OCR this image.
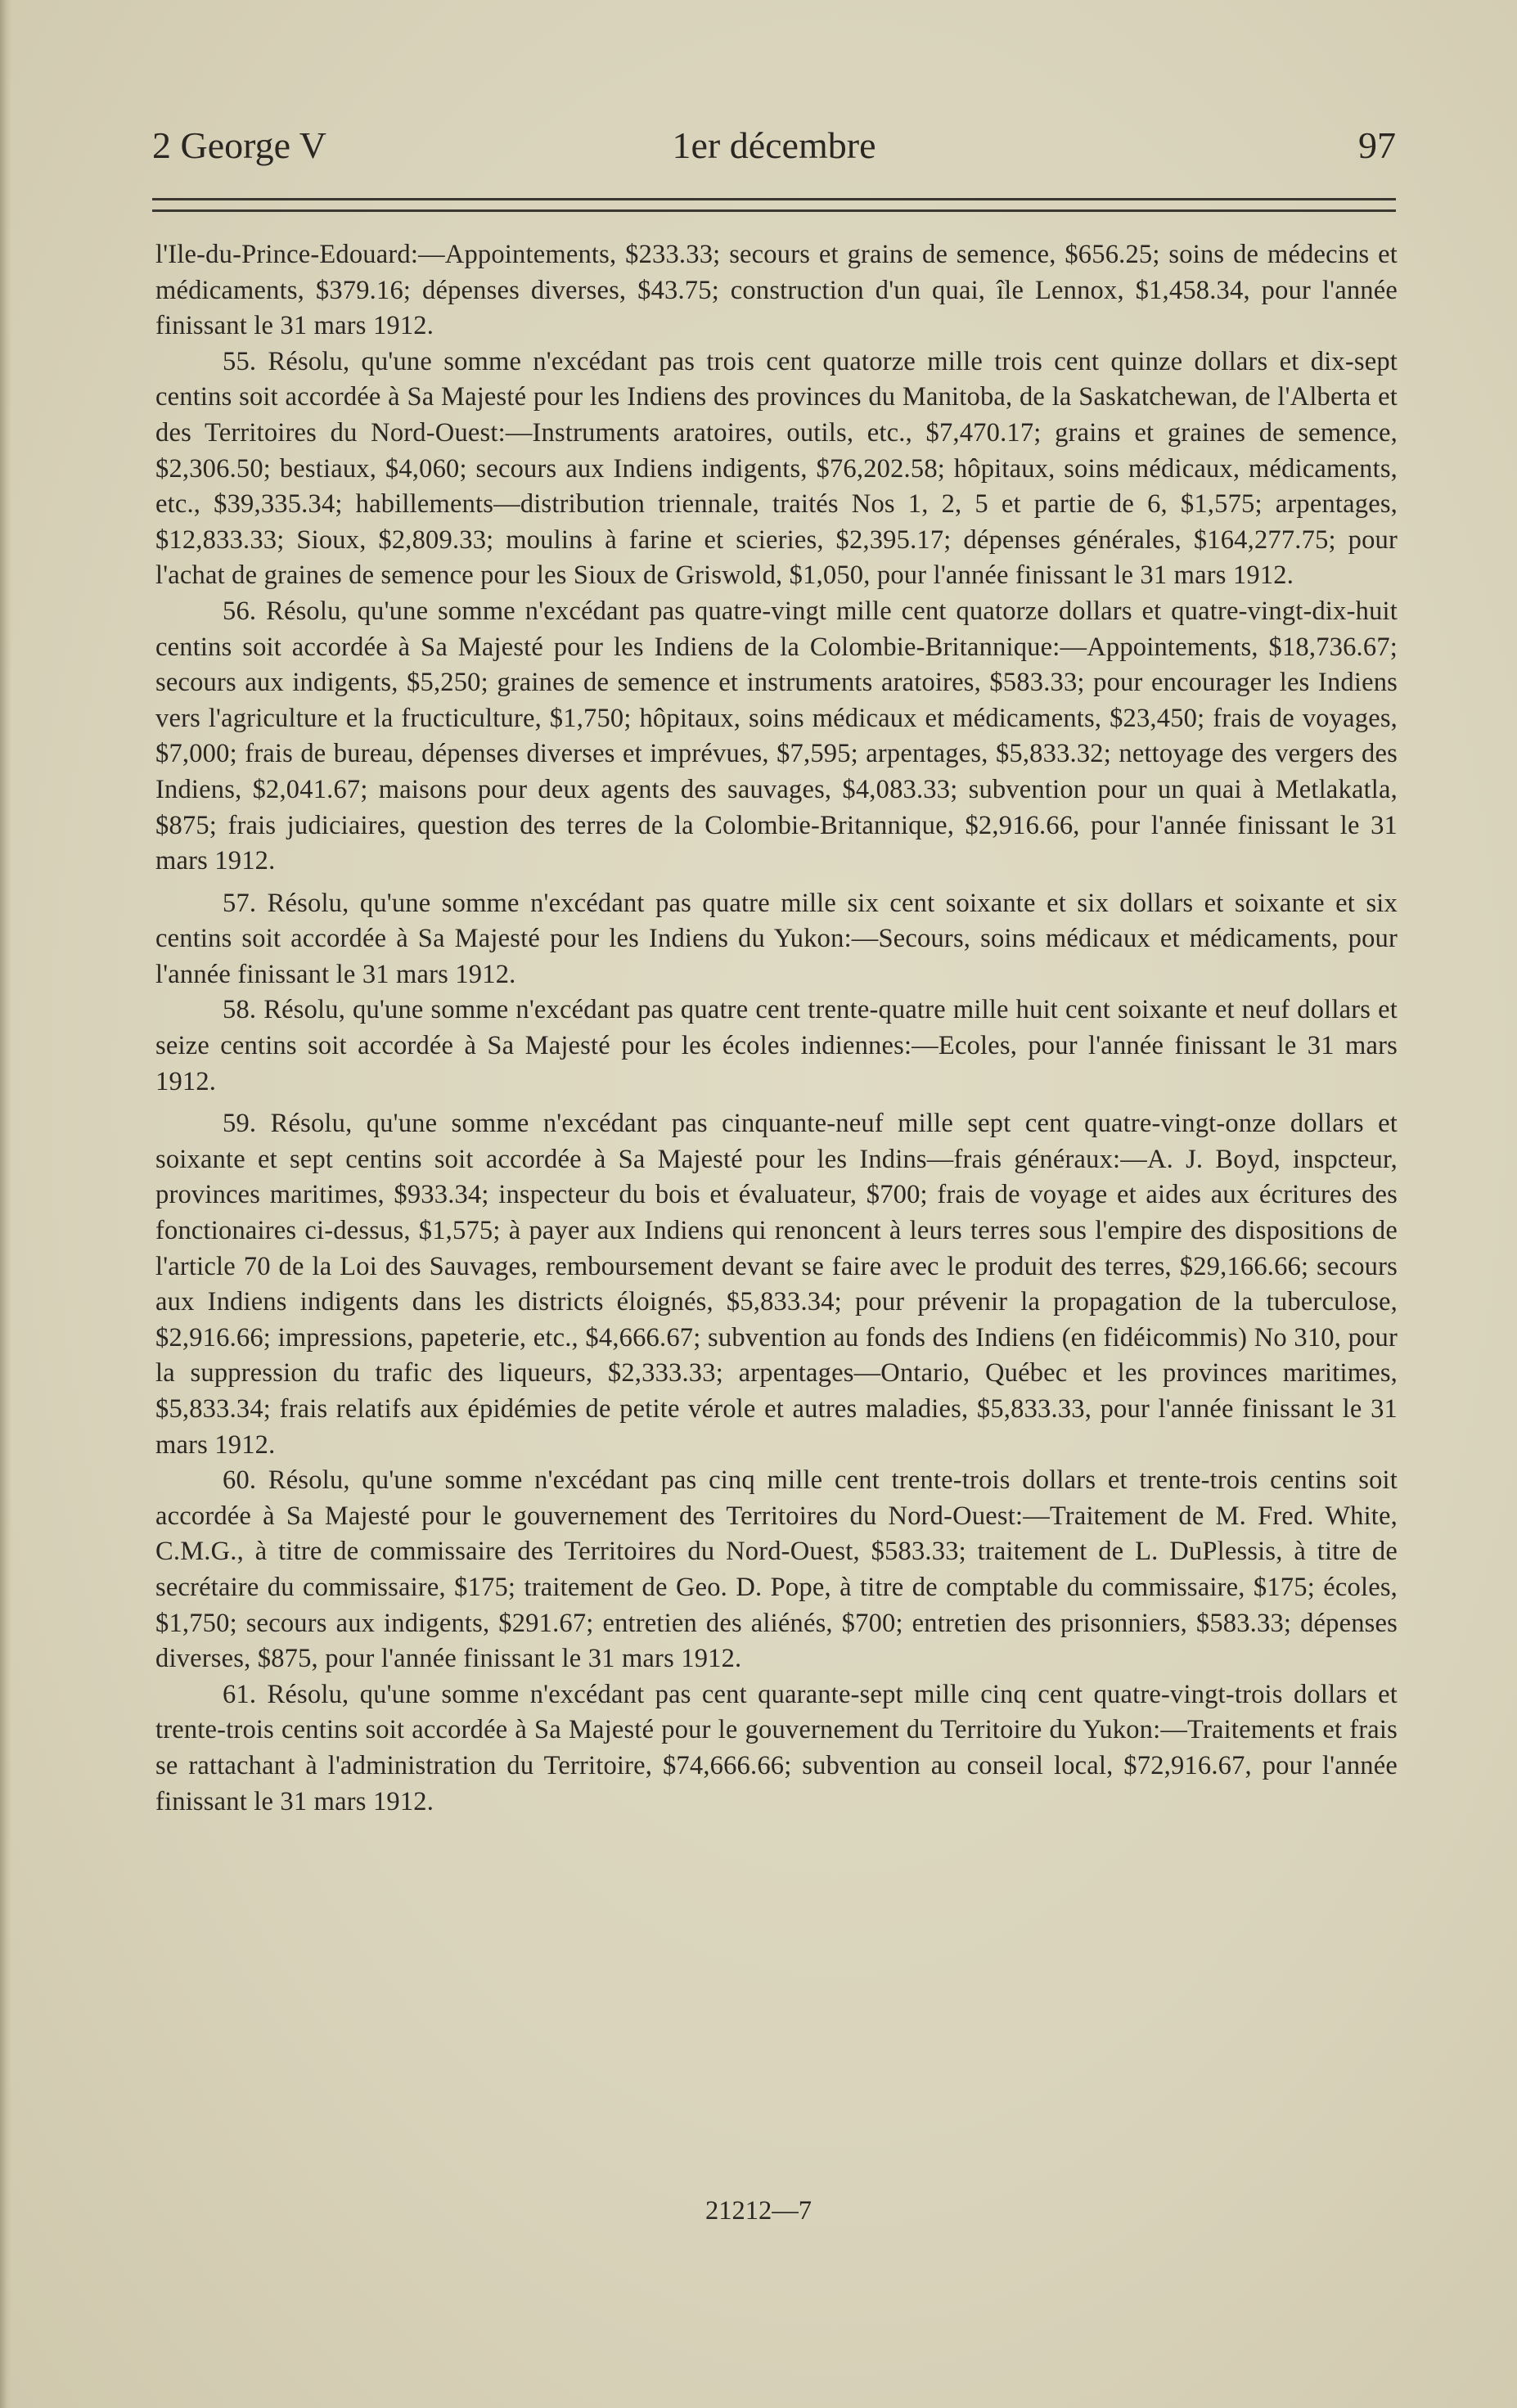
2 George V	1er décembre	97

l'Ile-du-Prince-Edouard:—Appointements, $233.33; secours et grains de semence, $656.25; soins de médecins et médicaments, $379.16; dépenses diverses, $43.75; construction d'un quai, île Lennox, $1,458.34, pour l'année finissant le 31 mars 1912.

55. Résolu, qu'une somme n'excédant pas trois cent quatorze mille trois cent quinze dollars et dix-sept centins soit accordée à Sa Majesté pour les Indiens des provinces du Manitoba, de la Saskatchewan, de l'Alberta et des Territoires du Nord-Ouest:—Instruments aratoires, outils, etc., $7,470.17; grains et graines de semence, $2,306.50; bestiaux, $4,060; secours aux Indiens indigents, $76,202.58; hôpitaux, soins médicaux, médicaments, etc., $39,335.34; habillements—distribution triennale, traités Nos 1, 2, 5 et partie de 6, $1,575; arpentages, $12,833.33; Sioux, $2,809.33; moulins à farine et scieries, $2,395.17; dépenses générales, $164,277.75; pour l'achat de graines de semence pour les Sioux de Griswold, $1,050, pour l'année finissant le 31 mars 1912.

56. Résolu, qu'une somme n'excédant pas quatre-vingt mille cent quatorze dollars et quatre-vingt-dix-huit centins soit accordée à Sa Majesté pour les Indiens de la Colombie-Britannique:—Appointements, $18,736.67; secours aux indigents, $5,250; graines de semence et instruments aratoires, $583.33; pour encourager les Indiens vers l'agriculture et la fructiculture, $1,750; hôpitaux, soins médicaux et médicaments, $23,450; frais de voyages, $7,000; frais de bureau, dépenses diverses et imprévues, $7,595; arpentages, $5,833.32; nettoyage des vergers des Indiens, $2,041.67; maisons pour deux agents des sauvages, $4,083.33; subvention pour un quai à Metlakatla, $875; frais judiciaires, question des terres de la Colombie-Britannique, $2,916.66, pour l'année finissant le 31 mars 1912.

57. Résolu, qu'une somme n'excédant pas quatre mille six cent soixante et six dollars et soixante et six centins soit accordée à Sa Majesté pour les Indiens du Yukon:—Secours, soins médicaux et médicaments, pour l'année finissant le 31 mars 1912.

58. Résolu, qu'une somme n'excédant pas quatre cent trente-quatre mille huit cent soixante et neuf dollars et seize centins soit accordée à Sa Majesté pour les écoles indiennes:—Ecoles, pour l'année finissant le 31 mars 1912.

59. Résolu, qu'une somme n'excédant pas cinquante-neuf mille sept cent quatre-vingt-onze dollars et soixante et sept centins soit accordée à Sa Majesté pour les Indins—frais généraux:—A. J. Boyd, inspcteur, provinces maritimes, $933.34; inspecteur du bois et évaluateur, $700; frais de voyage et aides aux écritures des fonctionaires ci-dessus, $1,575; à payer aux Indiens qui renoncent à leurs terres sous l'empire des dispositions de l'article 70 de la Loi des Sauvages, remboursement devant se faire avec le produit des terres, $29,166.66; secours aux Indiens indigents dans les districts éloignés, $5,833.34; pour prévenir la propagation de la tuberculose, $2,916.66; impressions, papeterie, etc., $4,666.67; subvention au fonds des Indiens (en fidéicommis) No 310, pour la suppression du trafic des liqueurs, $2,333.33; arpentages—Ontario, Québec et les provinces maritimes, $5,833.34; frais relatifs aux épidémies de petite vérole et autres maladies, $5,833.33, pour l'année finissant le 31 mars 1912.

60. Résolu, qu'une somme n'excédant pas cinq mille cent trente-trois dollars et trente-trois centins soit accordée à Sa Majesté pour le gouvernement des Territoires du Nord-Ouest:—Traitement de M. Fred. White, C.M.G., à titre de commissaire des Territoires du Nord-Ouest, $583.33; traitement de L. DuPlessis, à titre de secrétaire du commissaire, $175; traitement de Geo. D. Pope, à titre de comptable du commissaire, $175; écoles, $1,750; secours aux indigents, $291.67; entretien des aliénés, $700; entretien des prisonniers, $583.33; dépenses diverses, $875, pour l'année finissant le 31 mars 1912.

61. Résolu, qu'une somme n'excédant pas cent quarante-sept mille cinq cent quatre-vingt-trois dollars et trente-trois centins soit accordée à Sa Majesté pour le gouvernement du Territoire du Yukon:—Traitements et frais se rattachant à l'administration du Territoire, $74,666.66; subvention au conseil local, $72,916.67, pour l'année finissant le 31 mars 1912.

21212—7
